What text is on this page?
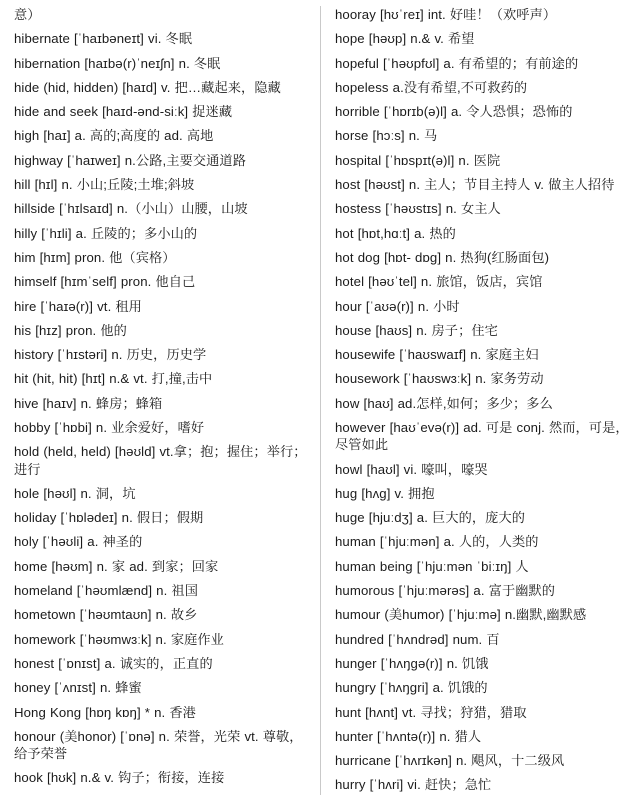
意）
hibernate [ˈhaɪbəneɪt] vi. 冬眠
hibernation [haɪbə(r)ˈneɪʃn] n. 冬眠
hide (hid, hidden) [haɪd] v. 把…藏起来，隐藏
hide and seek [haɪd-ənd-siːk] 捉迷藏
high [haɪ] a. 高的;高度的 ad. 高地
highway [ˈhaɪweɪ] n.公路,主要交通道路
hill [hɪl] n. 小山;丘陵;土堆;斜坡
hillside [ˈhɪlsaɪd] n.（小山）山腰，山坡
hilly [ˈhɪli] a. 丘陵的；多小山的
him [hɪm] pron. 他（宾格）
himself [hɪmˈself] pron. 他自己
hire [ˈhaɪə(r)] vt. 租用
his [hɪz] pron. 他的
history [ˈhɪstəri] n. 历史，历史学
hit (hit, hit) [hɪt] n.& vt. 打,撞,击中
hive [haɪv] n. 蜂房；蜂箱
hobby [ˈhɒbi] n. 业余爱好，嗜好
hold (held, held) [həʊld] vt.拿；抱；握住；举行；进行
hole [həʊl] n. 洞，坑
holiday [ˈhɒlədeɪ] n. 假日；假期
holy [ˈhəʊli] a. 神圣的
home [həʊm] n. 家 ad. 到家；回家
homeland [ˈhəʊmlænd] n. 祖国
hometown [ˈhəʊmtaʊn] n. 故乡
homework [ˈhəʊmwɜːk] n. 家庭作业
honest [ˈɒnɪst] a. 诚实的，正直的
honey [ˈʌnɪst] n. 蜂蜜
Hong Kong [hɒŋ kɒŋ] * n. 香港
honour (美honor) [ˈɒnə] n. 荣誉，光荣 vt. 尊敬，给予荣誉
hook [hʊk] n.& v. 钩子；衔接，连接
hooray [hʊˈreɪ] int. 好哇！（欢呼声）
hope [həʊp] n.& v. 希望
hopeful [ˈhəʊpfʊl] a. 有希望的；有前途的
hopeless a.没有希望,不可救药的
horrible [ˈhɒrɪb(ə)l] a. 令人恐惧；恐怖的
horse [hɔːs] n. 马
hospital [ˈhɒspɪt(ə)l] n. 医院
host [həʊst] n. 主人；节目主持人 v. 做主人招待
hostess [ˈhəʊstɪs] n. 女主人
hot [hɒt,hɑːt] a. 热的
hot dog [hɒt- dɒg] n. 热狗(红肠面包)
hotel [həʊˈtel] n. 旅馆，饭店，宾馆
hour [ˈaʊə(r)] n. 小时
house [haʊs] n. 房子；住宅
housewife [ˈhaʊswaɪf] n. 家庭主妇
housework [ˈhaʊswɜːk] n. 家务劳动
how [haʊ] ad.怎样,如何；多少；多么
however [haʊˈevə(r)] ad. 可是 conj. 然而，可是，尽管如此
howl [haʊl] vi. 嚎叫，嚎哭
hug [hʌg] v. 拥抱
huge [hjuːdʒ] a. 巨大的，庞大的
human [ˈhjuːmən] a. 人的，人类的
human being [ˈhjuːmən ˈbiːɪŋ] 人
humorous [ˈhjuːmərəs] a. 富于幽默的
humour (美humor) [ˈhjuːmə] n.幽默,幽默感
hundred [ˈhʌndrəd] num. 百
hunger [ˈhʌŋgə(r)] n. 饥饿
hungry [ˈhʌŋgri] a. 饥饿的
hunt [hʌnt] vt. 寻找；狩猎，猎取
hunter [ˈhʌntə(r)] n. 猎人
hurricane [ˈhʌrɪkən] n. 飓风，十二级风
hurry [ˈhʌri] vi. 赶快；急忙
